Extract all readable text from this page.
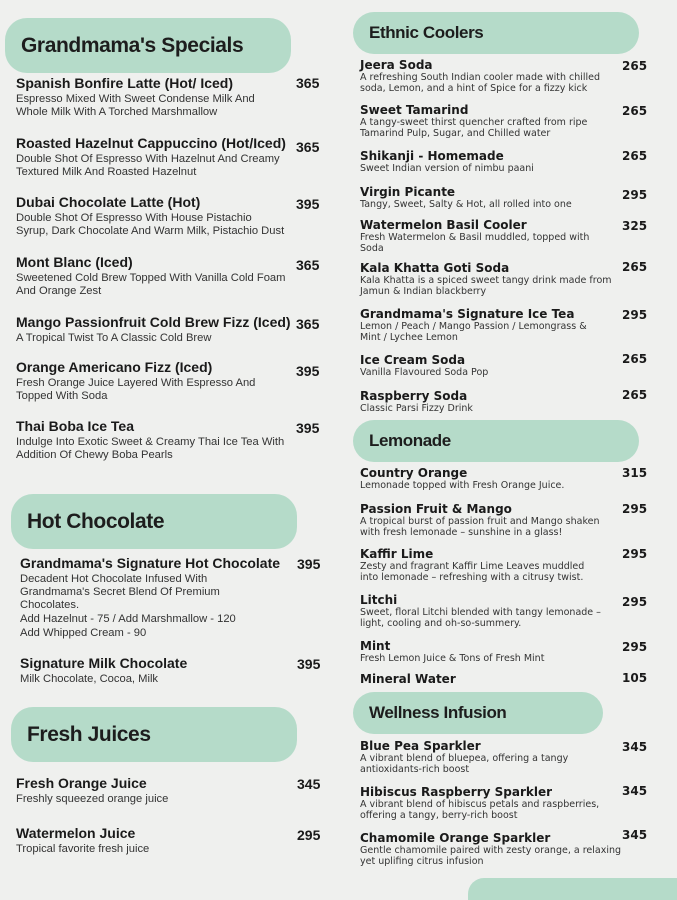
Grandmama's Specials
Spanish Bonfire Latte (Hot/ Iced)
Espresso Mixed With Sweet Condense Milk And Whole Milk With A Torched Marshmallow
365
Roasted Hazelnut Cappuccino (Hot/Iced)
Double Shot Of Espresso With Hazelnut And Creamy Textured Milk And Roasted Hazelnut
365
Dubai Chocolate Latte (Hot)
Double Shot Of Espresso With House Pistachio Syrup, Dark Chocolate And Warm Milk, Pistachio Dust
395
Mont Blanc (Iced)
Sweetened Cold Brew Topped With Vanilla Cold Foam And Orange Zest
365
Mango Passionfruit Cold Brew Fizz (Iced)
A Tropical Twist To A Classic Cold Brew
365
Orange Americano Fizz (Iced)
Fresh Orange Juice Layered With Espresso And Topped With Soda
395
Thai Boba Ice Tea
Indulge Into Exotic Sweet & Creamy Thai Ice Tea With Addition Of Chewy Boba Pearls
395
Hot Chocolate
Grandmama's Signature Hot Chocolate
Decadent Hot Chocolate Infused With Grandmama's Secret Blend Of Premium Chocolates.
Add Hazelnut - 75 / Add Marshmallow - 120
Add Whipped Cream - 90
395
Signature Milk Chocolate
Milk Chocolate, Cocoa, Milk
395
Fresh Juices
Fresh Orange Juice
Freshly squeezed orange juice
345
Watermelon Juice
Tropical favorite fresh juice
295
Ethnic Coolers
Jeera Soda
A refreshing South Indian cooler made with chilled soda, Lemon, and a hint of Spice for a fizzy kick
265
Sweet Tamarind
A tangy-sweet thirst quencher crafted from ripe Tamarind Pulp, Sugar, and Chilled water
265
Shikanji - Homemade
Sweet Indian version of nimbu paani
265
Virgin Picante
Tangy, Sweet, Salty & Hot, all rolled into one
295
Watermelon Basil Cooler
Fresh Watermelon & Basil muddled, topped with Soda
325
Kala Khatta Goti Soda
Kala Khatta is a spiced sweet tangy drink made from Jamun & Indian blackberry
265
Grandmama's Signature Ice Tea
Lemon / Peach / Mango Passion / Lemongrass & Mint / Lychee Lemon
295
Ice Cream Soda
Vanilla Flavoured Soda Pop
265
Raspberry Soda
Classic Parsi Fizzy Drink
265
Lemonade
Country Orange
Lemonade topped with Fresh Orange Juice.
315
Passion Fruit & Mango
A tropical burst of passion fruit and Mango shaken with fresh lemonade – sunshine in a glass!
295
Kaffir Lime
Zesty and fragrant Kaffir Lime Leaves muddled into lemonade – refreshing with a citrusy twist.
295
Litchi
Sweet, floral Litchi blended with tangy lemonade – light, cooling and oh-so-summery.
295
Mint
Fresh Lemon Juice & Tons of Fresh Mint
295
Mineral Water	105
Wellness Infusion
Blue Pea Sparkler
A vibrant blend of bluepea, offering a tangy antioxidants-rich boost
345
Hibiscus Raspberry Sparkler
A vibrant blend of hibiscus petals and raspberries, offering a tangy, berry-rich boost
345
Chamomile Orange Sparkler
Gentle chamomile paired with zesty orange, a relaxing yet uplifing citrus infusion
345
